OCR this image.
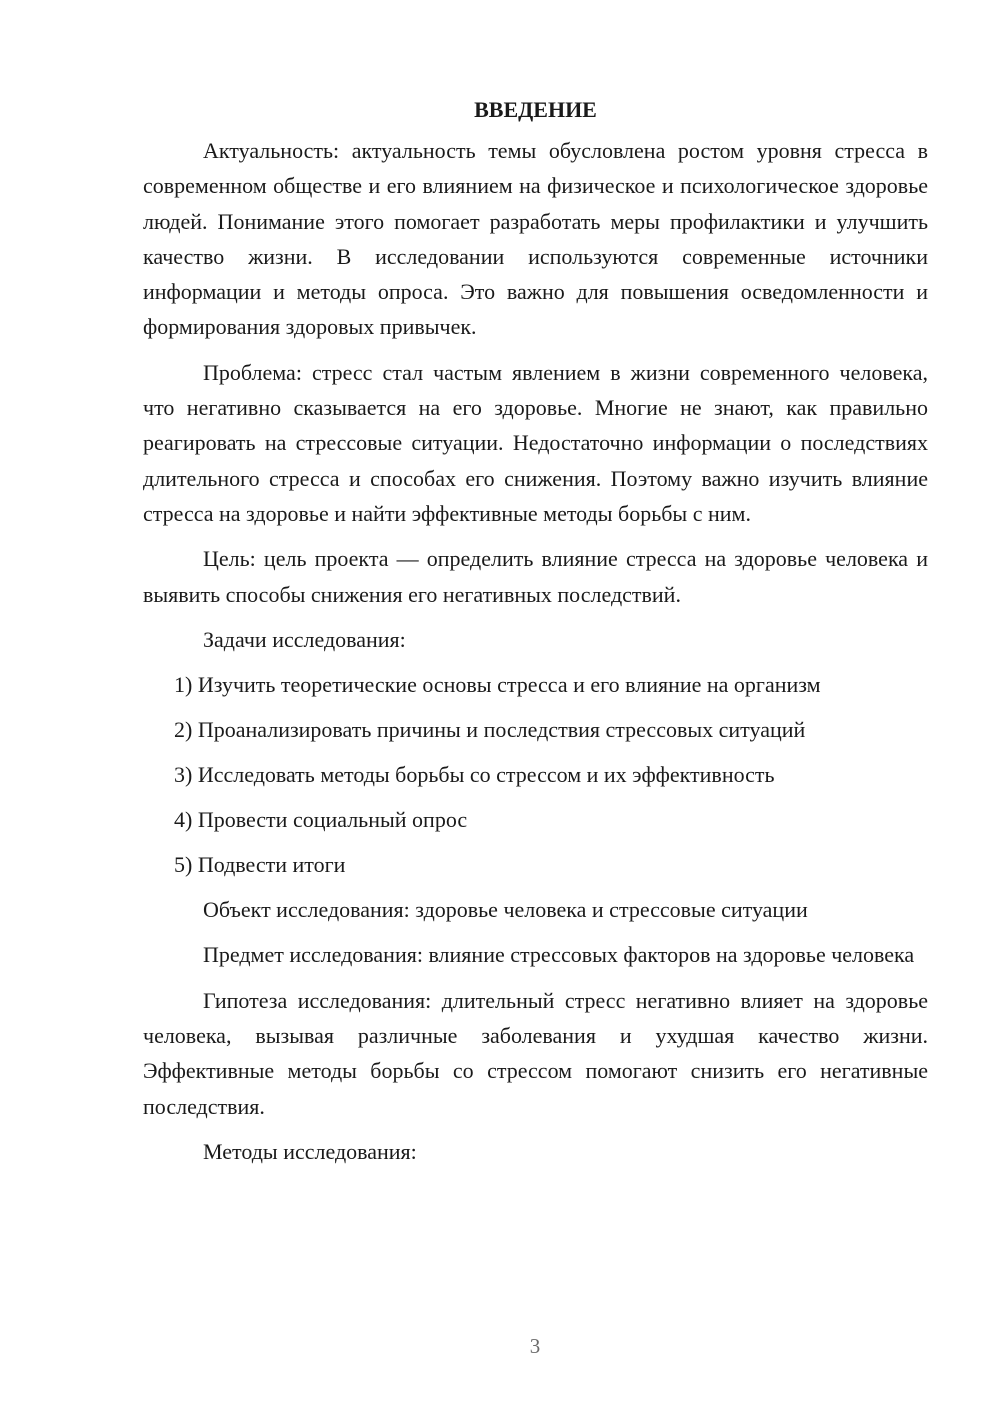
ВВЕДЕНИЕ

Актуальность: актуальность темы обусловлена ростом уровня стресса в современном обществе и его влиянием на физическое и психологическое здоровье людей. Понимание этого помогает разработать меры профилактики и улучшить качество жизни. В исследовании используются современные источники информации и методы опроса. Это важно для повышения осведомленности и формирования здоровых привычек.

Проблема: стресс стал частым явлением в жизни современного человека, что негативно сказывается на его здоровье. Многие не знают, как правильно реагировать на стрессовые ситуации. Недостаточно информации о последствиях длительного стресса и способах его снижения. Поэтому важно изучить влияние стресса на здоровье и найти эффективные методы борьбы с ним.

Цель: цель проекта — определить влияние стресса на здоровье человека и выявить способы снижения его негативных последствий.

Задачи исследования:

1) Изучить теоретические основы стресса и его влияние на организм
2) Проанализировать причины и последствия стрессовых ситуаций
3) Исследовать методы борьбы со стрессом и их эффективность
4) Провести социальный опрос
5) Подвести итоги

Объект исследования: здоровье человека и стрессовые ситуации

Предмет исследования: влияние стрессовых факторов на здоровье человека

Гипотеза исследования: длительный стресс негативно влияет на здоровье человека, вызывая различные заболевания и ухудшая качество жизни. Эффективные методы борьбы со стрессом помогают снизить его негативные последствия.

Методы исследования:

3
